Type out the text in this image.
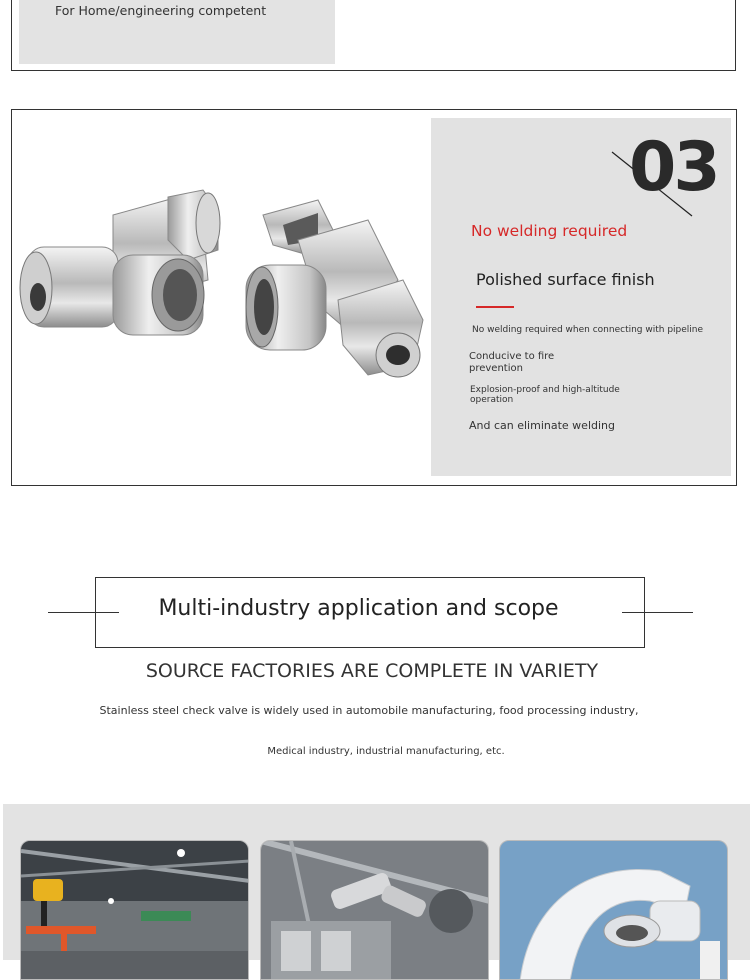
For Home/engineering competent
03
No welding required
Polished surface finish
No welding required when connecting with pipeline
Conducive to fire prevention
Explosion-proof and high-altitude operation
And can eliminate welding
Multi-industry application and scope
SOURCE FACTORIES ARE COMPLETE IN VARIETY
Stainless steel check valve is widely used in automobile manufacturing, food processing industry,
Medical industry, industrial manufacturing, etc.
